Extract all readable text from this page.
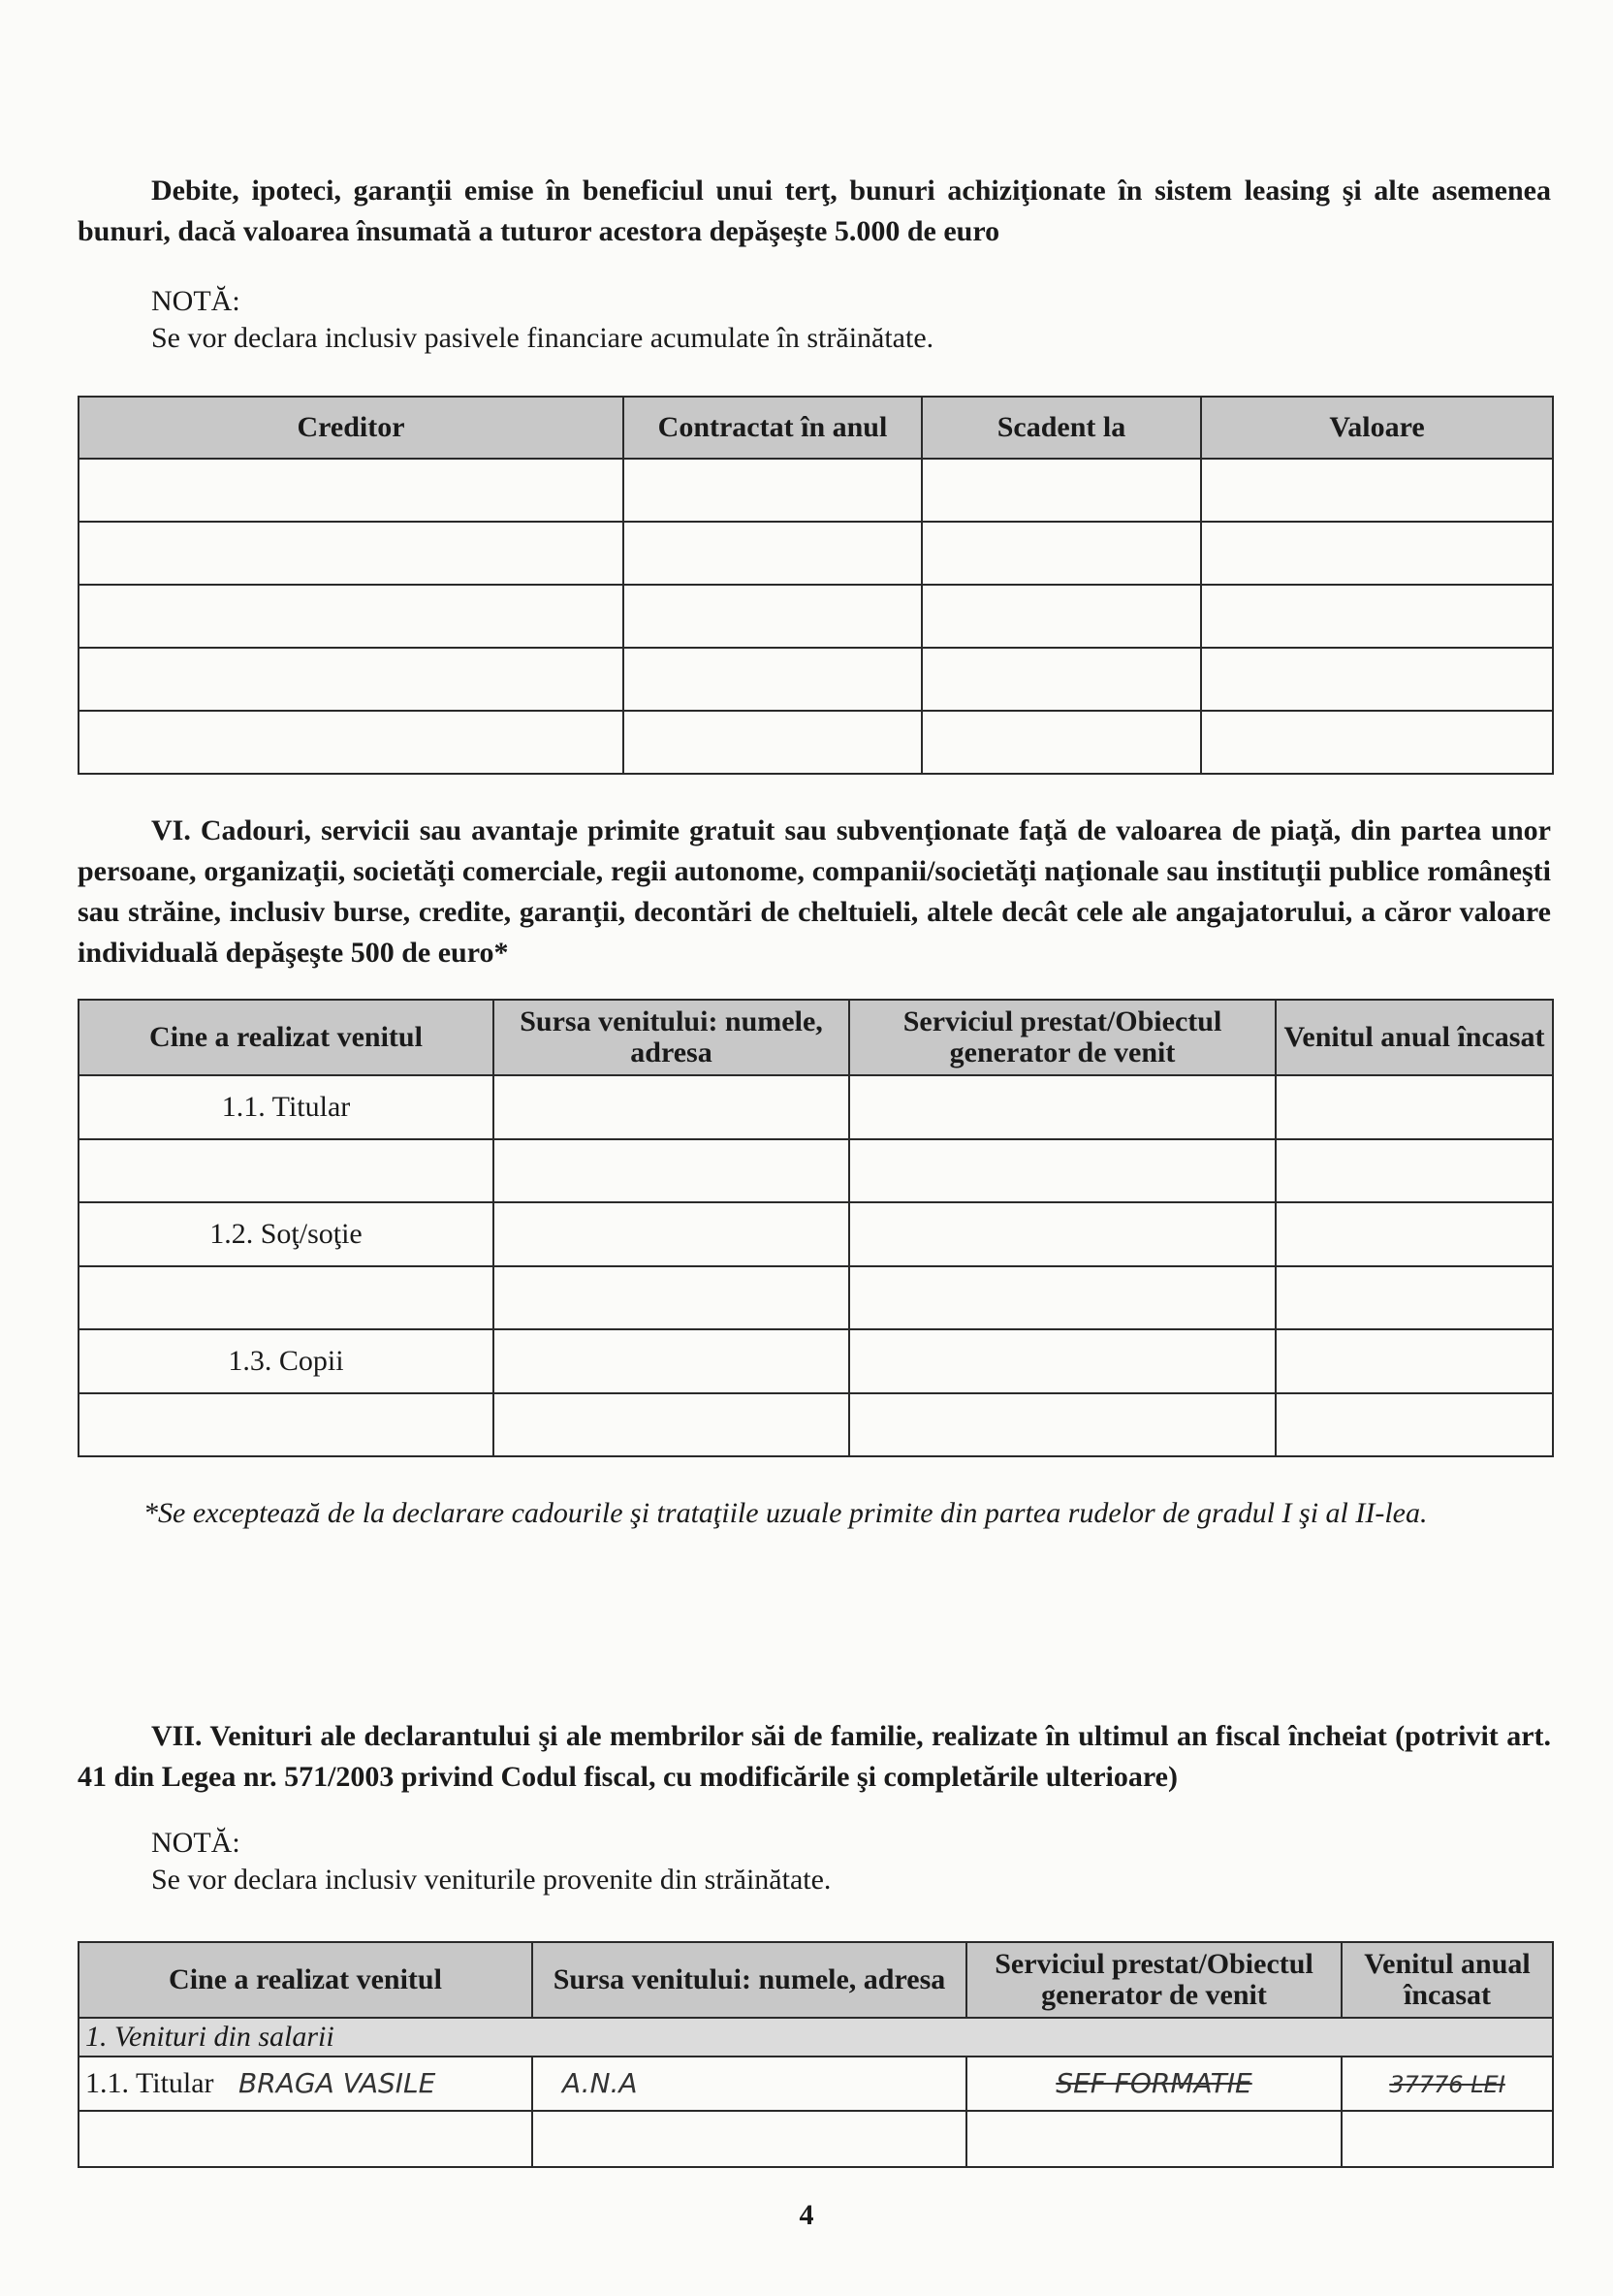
Debite, ipoteci, garanţii emise în beneficiul unui terţ, bunuri achiziţionate în sistem leasing şi alte asemenea bunuri, dacă valoarea însumată a tuturor acestora depăşeşte 5.000 de euro
NOTĂ:
Se vor declara inclusiv pasivele financiare acumulate în străinătate.
Creditor	Contractat în anul	Scadent la	Valoare

VI. Cadouri, servicii sau avantaje primite gratuit sau subvenţionate faţă de valoarea de piaţă, din partea unor persoane, organizaţii, societăţi comerciale, regii autonome, companii/societăţi naţionale sau instituţii publice româneşti sau străine, inclusiv burse, credite, garanţii, decontări de cheltuieli, altele decât cele ale angajatorului, a căror valoare individuală depăşeşte 500 de euro*
Cine a realizat venitul	Sursa venitului: numele, adresa	Serviciul prestat/Obiectul generator de venit	Venitul anual încasat
1.1. Titular			

1.2. Soţ/soţie			

1.3. Copii			

*Se exceptează de la declarare cadourile şi trataţiile uzuale primite din partea rudelor de gradul I şi al II-lea.
VII. Venituri ale declarantului şi ale membrilor săi de familie, realizate în ultimul an fiscal încheiat (potrivit art. 41 din Legea nr. 571/2003 privind Codul fiscal, cu modificările şi completările ulterioare)
NOTĂ:
Se vor declara inclusiv veniturile provenite din străinătate.
Cine a realizat venitul	Sursa venitului: numele, adresa	Serviciul prestat/Obiectul generator de venit	Venitul anual încasat
1. Venituri din salarii			
1.1. Titular BRAGA VASILE	A.N.A	SEF FORMATIE	37776 LEI

4
